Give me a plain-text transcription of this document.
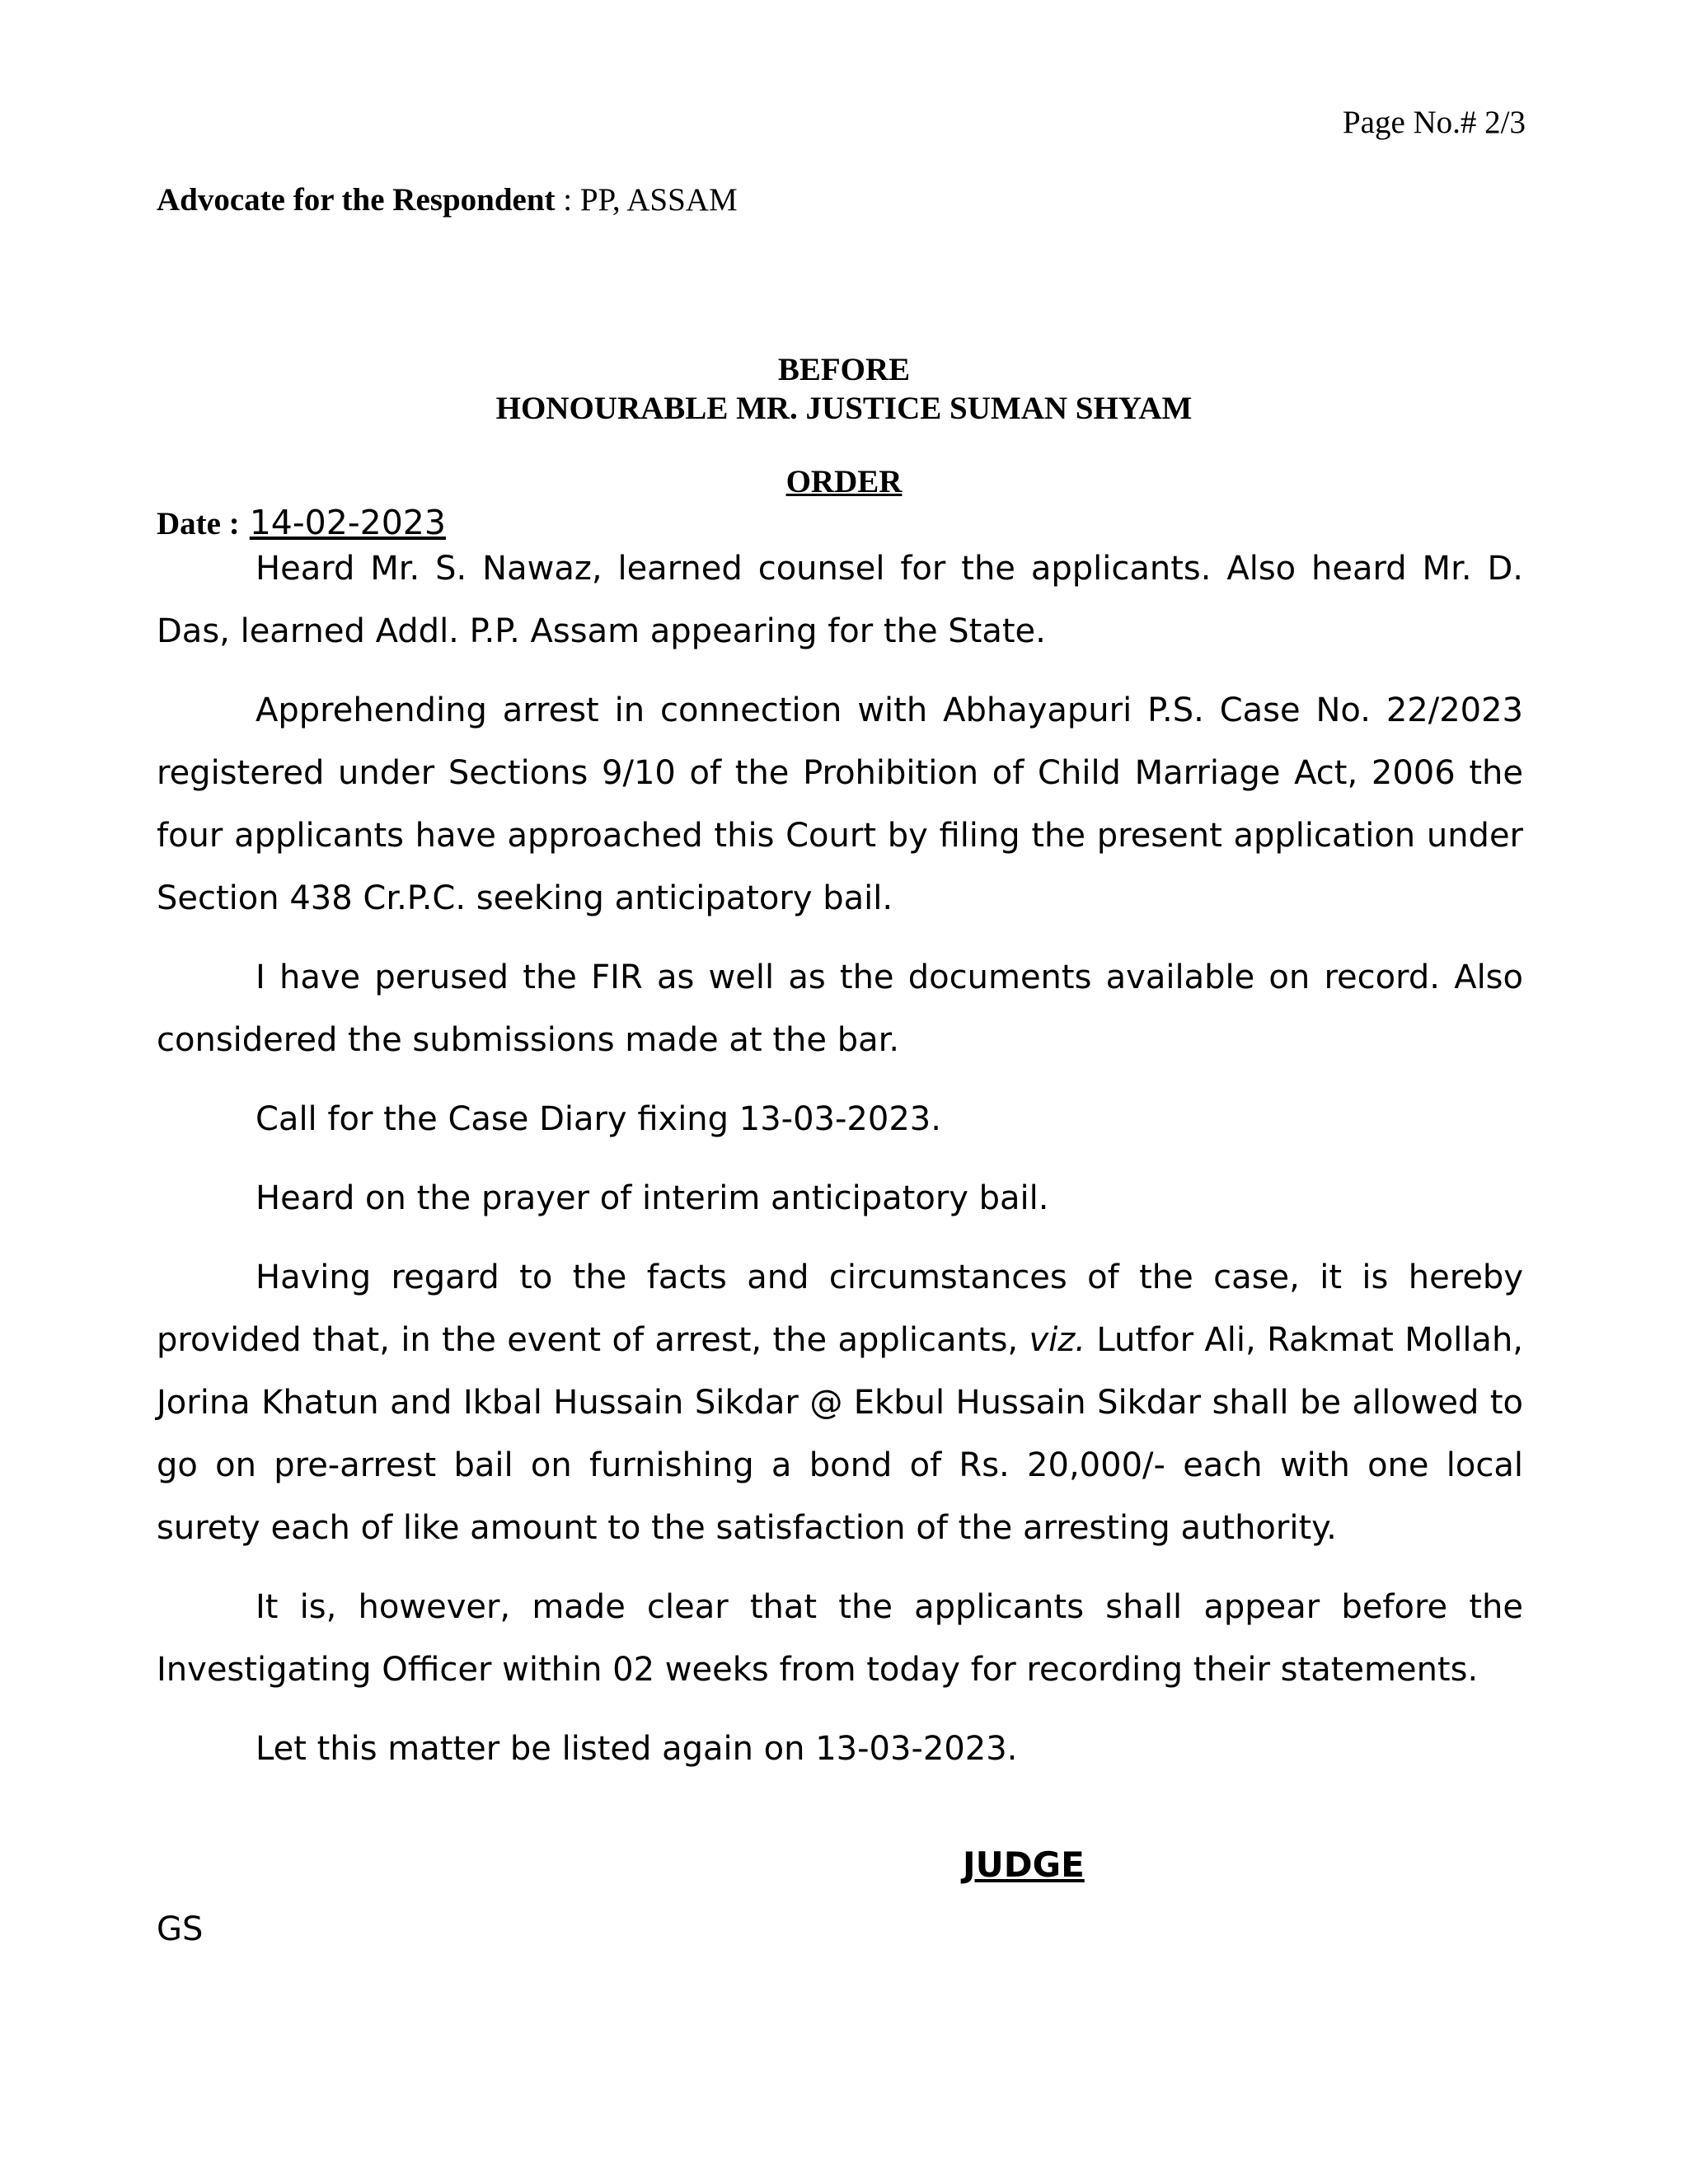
Page No.# 2/3
Advocate for the Respondent : PP, ASSAM
BEFORE
HONOURABLE MR. JUSTICE SUMAN SHYAM
ORDER
Date : 14-02-2023

Heard Mr. S. Nawaz, learned counsel for the applicants. Also heard Mr. D. Das, learned Addl. P.P. Assam appearing for the State.

Apprehending arrest in connection with Abhayapuri P.S. Case No. 22/2023 registered under Sections 9/10 of the Prohibition of Child Marriage Act, 2006 the four applicants have approached this Court by filing the present application under Section 438 Cr.P.C. seeking anticipatory bail.

I have perused the FIR as well as the documents available on record. Also considered the submissions made at the bar.

Call for the Case Diary fixing 13-03-2023.

Heard on the prayer of interim anticipatory bail.

Having regard to the facts and circumstances of the case, it is hereby provided that, in the event of arrest, the applicants, viz. Lutfor Ali, Rakmat Mollah, Jorina Khatun and Ikbal Hussain Sikdar @ Ekbul Hussain Sikdar shall be allowed to go on pre-arrest bail on furnishing a bond of Rs. 20,000/- each with one local surety each of like amount to the satisfaction of the arresting authority.

It is, however, made clear that the applicants shall appear before the Investigating Officer within 02 weeks from today for recording their statements.

Let this matter be listed again on 13-03-2023.

JUDGE
GS
